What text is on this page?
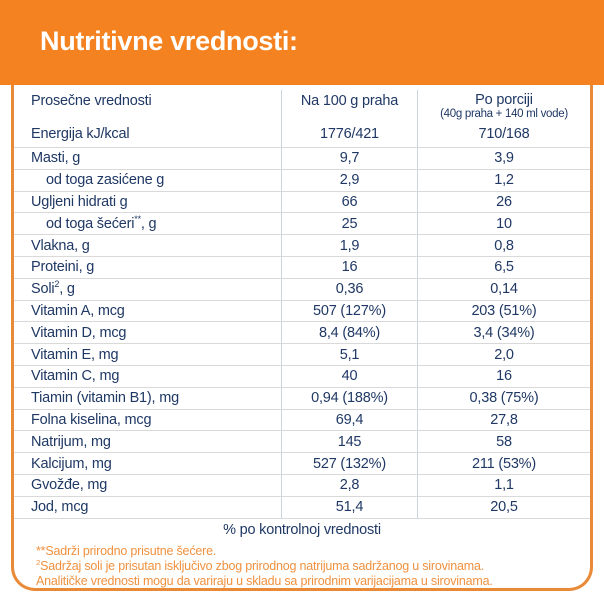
Nutritivne vrednosti:
Prosečne vrednosti	Na 100 g praha	Po porciji
(40g praha + 140 ml vode)
Energija kJ/kcal	1776/421	710/168
Masti, g	9,7	3,9
od toga zasićene g	2,9	1,2
Ugljeni hidrati g	66	26
od toga šećeri**, g	25	10
Vlakna, g	1,9	0,8
Proteini, g	16	6,5
Soli$^2$, g	0,36	0,14
Vitamin A, mcg	507 (127%)	203 (51%)
Vitamin D, mcg	8,4 (84%)	3,4 (34%)
Vitamin E, mg	5,1	2,0
Vitamin C, mg	40	16
Tiamin (vitamin B1), mg	0,94 (188%)	0,38 (75%)
Folna kiselina, mcg	69,4	27,8
Natrijum, mg	145	58
Kalcijum, mg	527 (132%)	211 (53%)
Gvožđe, mg	2,8	1,1
Jod, mcg	51,4	20,5
% po kontrolnoj vrednosti
**Sadrži prirodno prisutne šećere.
$^2$Sadržaj soli je prisutan isključivo zbog prirodnog natrijuma sadržanog u sirovinama.
Analitičke vrednosti mogu da variraju u skladu sa prirodnim varijacijama u sirovinama.
